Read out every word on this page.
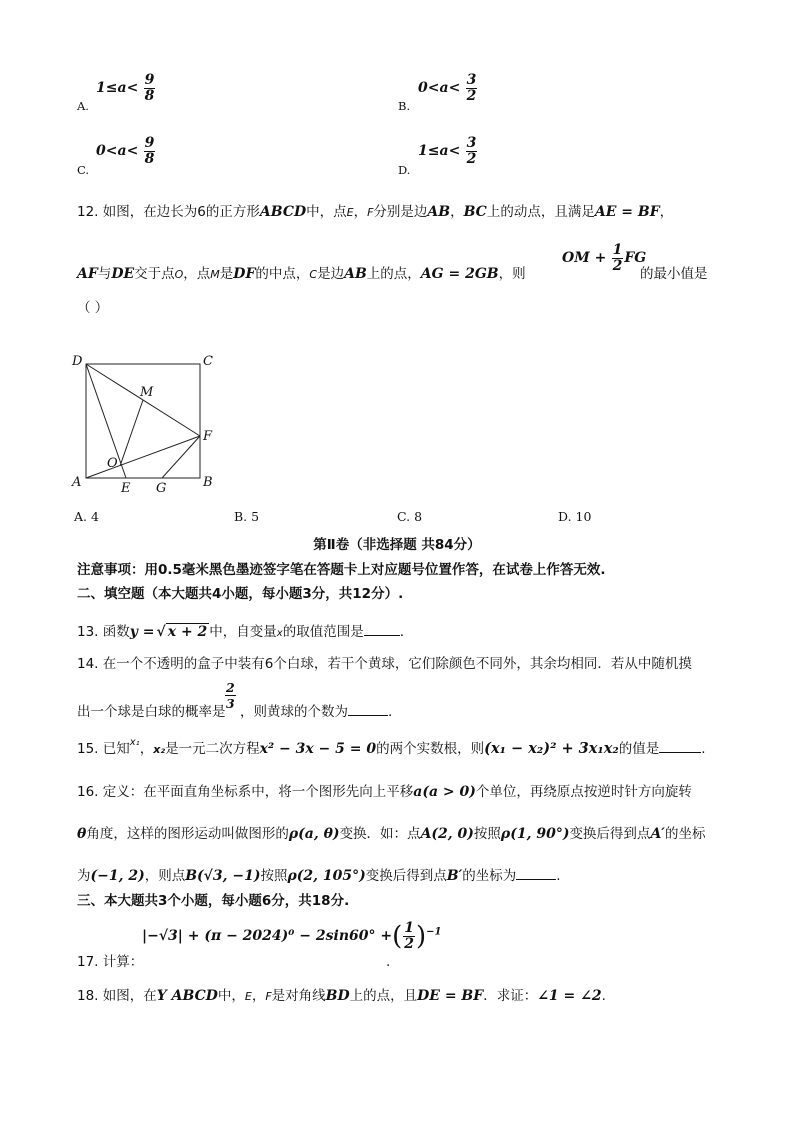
A.
$1\le a< \frac{9}{8}$
B.
$0<a< \frac{3}{2}$
C.
$0<a< \frac{9}{8}$
D.
$1\le a< \frac{3}{2}$
12. 如图，在边长为6的正方形ABCD中，点E，F分别是边AB，BC上的动点，且满足AE = BF，
AF与DE交于点O，点M是DF的中点，C是边AB上的点，AG = 2GB，则
OM + $\frac{1}{2}$ FG
的最小值是
（ ）
D	C
M
F
O
A	E G	B
A. 4	B. 5	C. 8	D. 10
第Ⅱ卷（非选择题 共84分）
注意事项：用0.5毫米黑色墨迹签字笔在答题卡上对应题号位置作答，在试卷上作答无效.
二、填空题（本大题共4小题，每小题3分，共12分）.
13. 函数y = √ x + 2 中，自变量x的取值范围是	.
14. 在一个不透明的盒子中装有6个白球，若干个黄球，它们除颜色不同外，其余均相同．若从中随机摸
出一个球是白球的概率是
$\frac{2}{3}$
，则黄球的个数为	.
15. 已知$^{x_1}$，x₂是一元二次方程x² − 3x − 5 = 0的两个实数根，则(x₁ − x₂)² + 3x₁x₂的值是	.
16. 定义：在平面直角坐标系中，将一个图形先向上平移a(a > 0)个单位，再绕原点按逆时针方向旋转
θ角度，这样的图形运动叫做图形的ρ(a, θ)变换．如：点A(2, 0)按照ρ(1, 90°)变换后得到点A′的坐标
为(−1, 2)，则点B(√3, −1)按照ρ(2, 105°)变换后得到点B′的坐标为	.
三、本大题共3个小题，每小题6分，共18分.
17. 计算：
|−√3| + (π − 2024)⁰ − 2sin60° +( $\frac{1}{2} )^{-1}$
.
18. 如图，在Y ABCD中，E，F是对角线BD上的点，且DE = BF．求证：∠1 = ∠2.
